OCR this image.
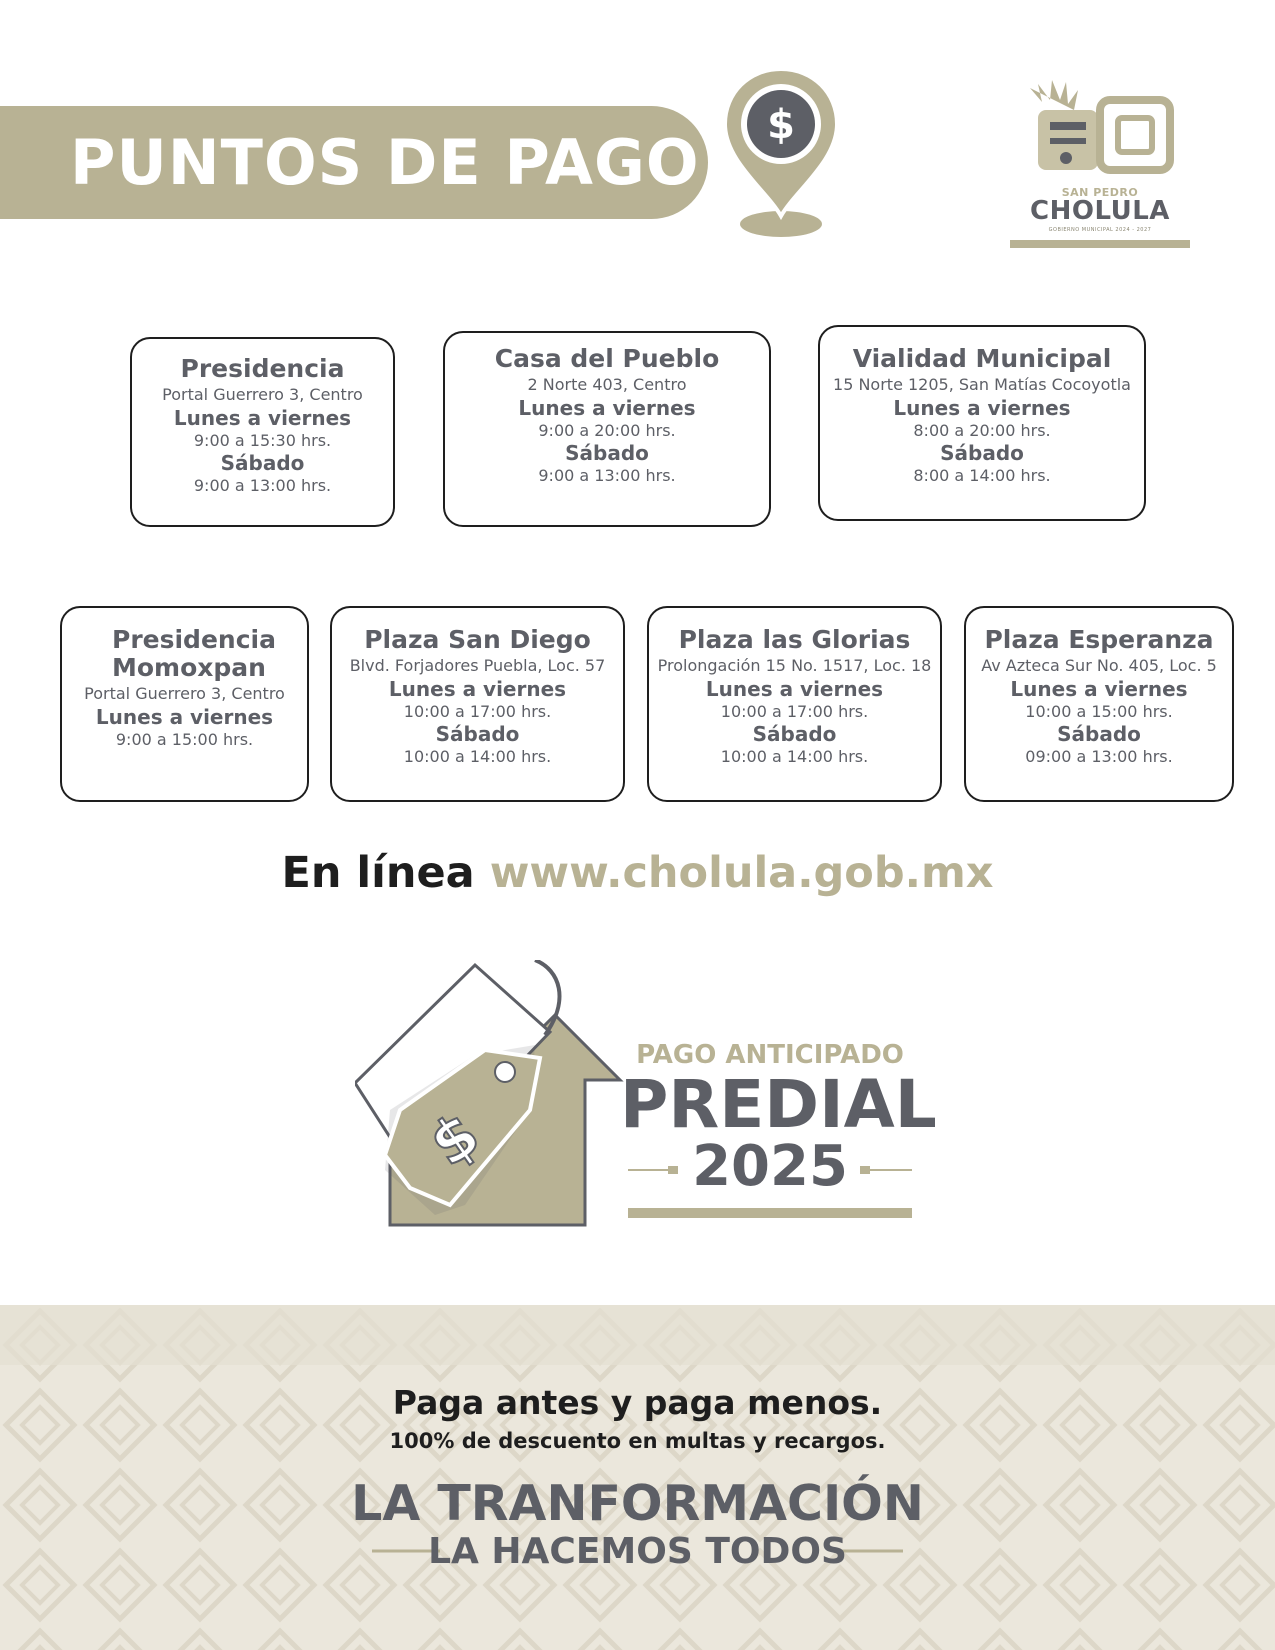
PUNTOS DE PAGO
$
SAN PEDRO
CHOLULA
GOBIERNO MUNICIPAL 2024 - 2027
Presidencia
Portal Guerrero 3, Centro
Lunes a viernes
9:00 a 15:30 hrs.
Sábado
9:00 a 13:00 hrs.
Casa del Pueblo
2 Norte 403, Centro
Lunes a viernes
9:00 a 20:00 hrs.
Sábado
9:00 a 13:00 hrs.
Vialidad Municipal
15 Norte 1205, San Matías Cocoyotla
Lunes a viernes
8:00 a 20:00 hrs.
Sábado
8:00 a 14:00 hrs.
Presidencia Momoxpan
Portal Guerrero 3, Centro
Lunes a viernes
9:00 a 15:00 hrs.
Plaza San Diego
Blvd. Forjadores Puebla, Loc. 57
Lunes a viernes
10:00 a 17:00 hrs.
Sábado
10:00 a 14:00 hrs.
Plaza las Glorias
Prolongación 15 No. 1517, Loc. 18
Lunes a viernes
10:00 a 17:00 hrs.
Sábado
10:00 a 14:00 hrs.
Plaza Esperanza
Av Azteca Sur No. 405, Loc. 5
Lunes a viernes
10:00 a 15:00 hrs.
Sábado
09:00 a 13:00 hrs.
En línea www.cholula.gob.mx
$
PAGO ANTICIPADO
PREDIAL
2025
Paga antes y paga menos.
100% de descuento en multas y recargos.
LA TRANFORMACIÓN
LA HACEMOS TODOS
